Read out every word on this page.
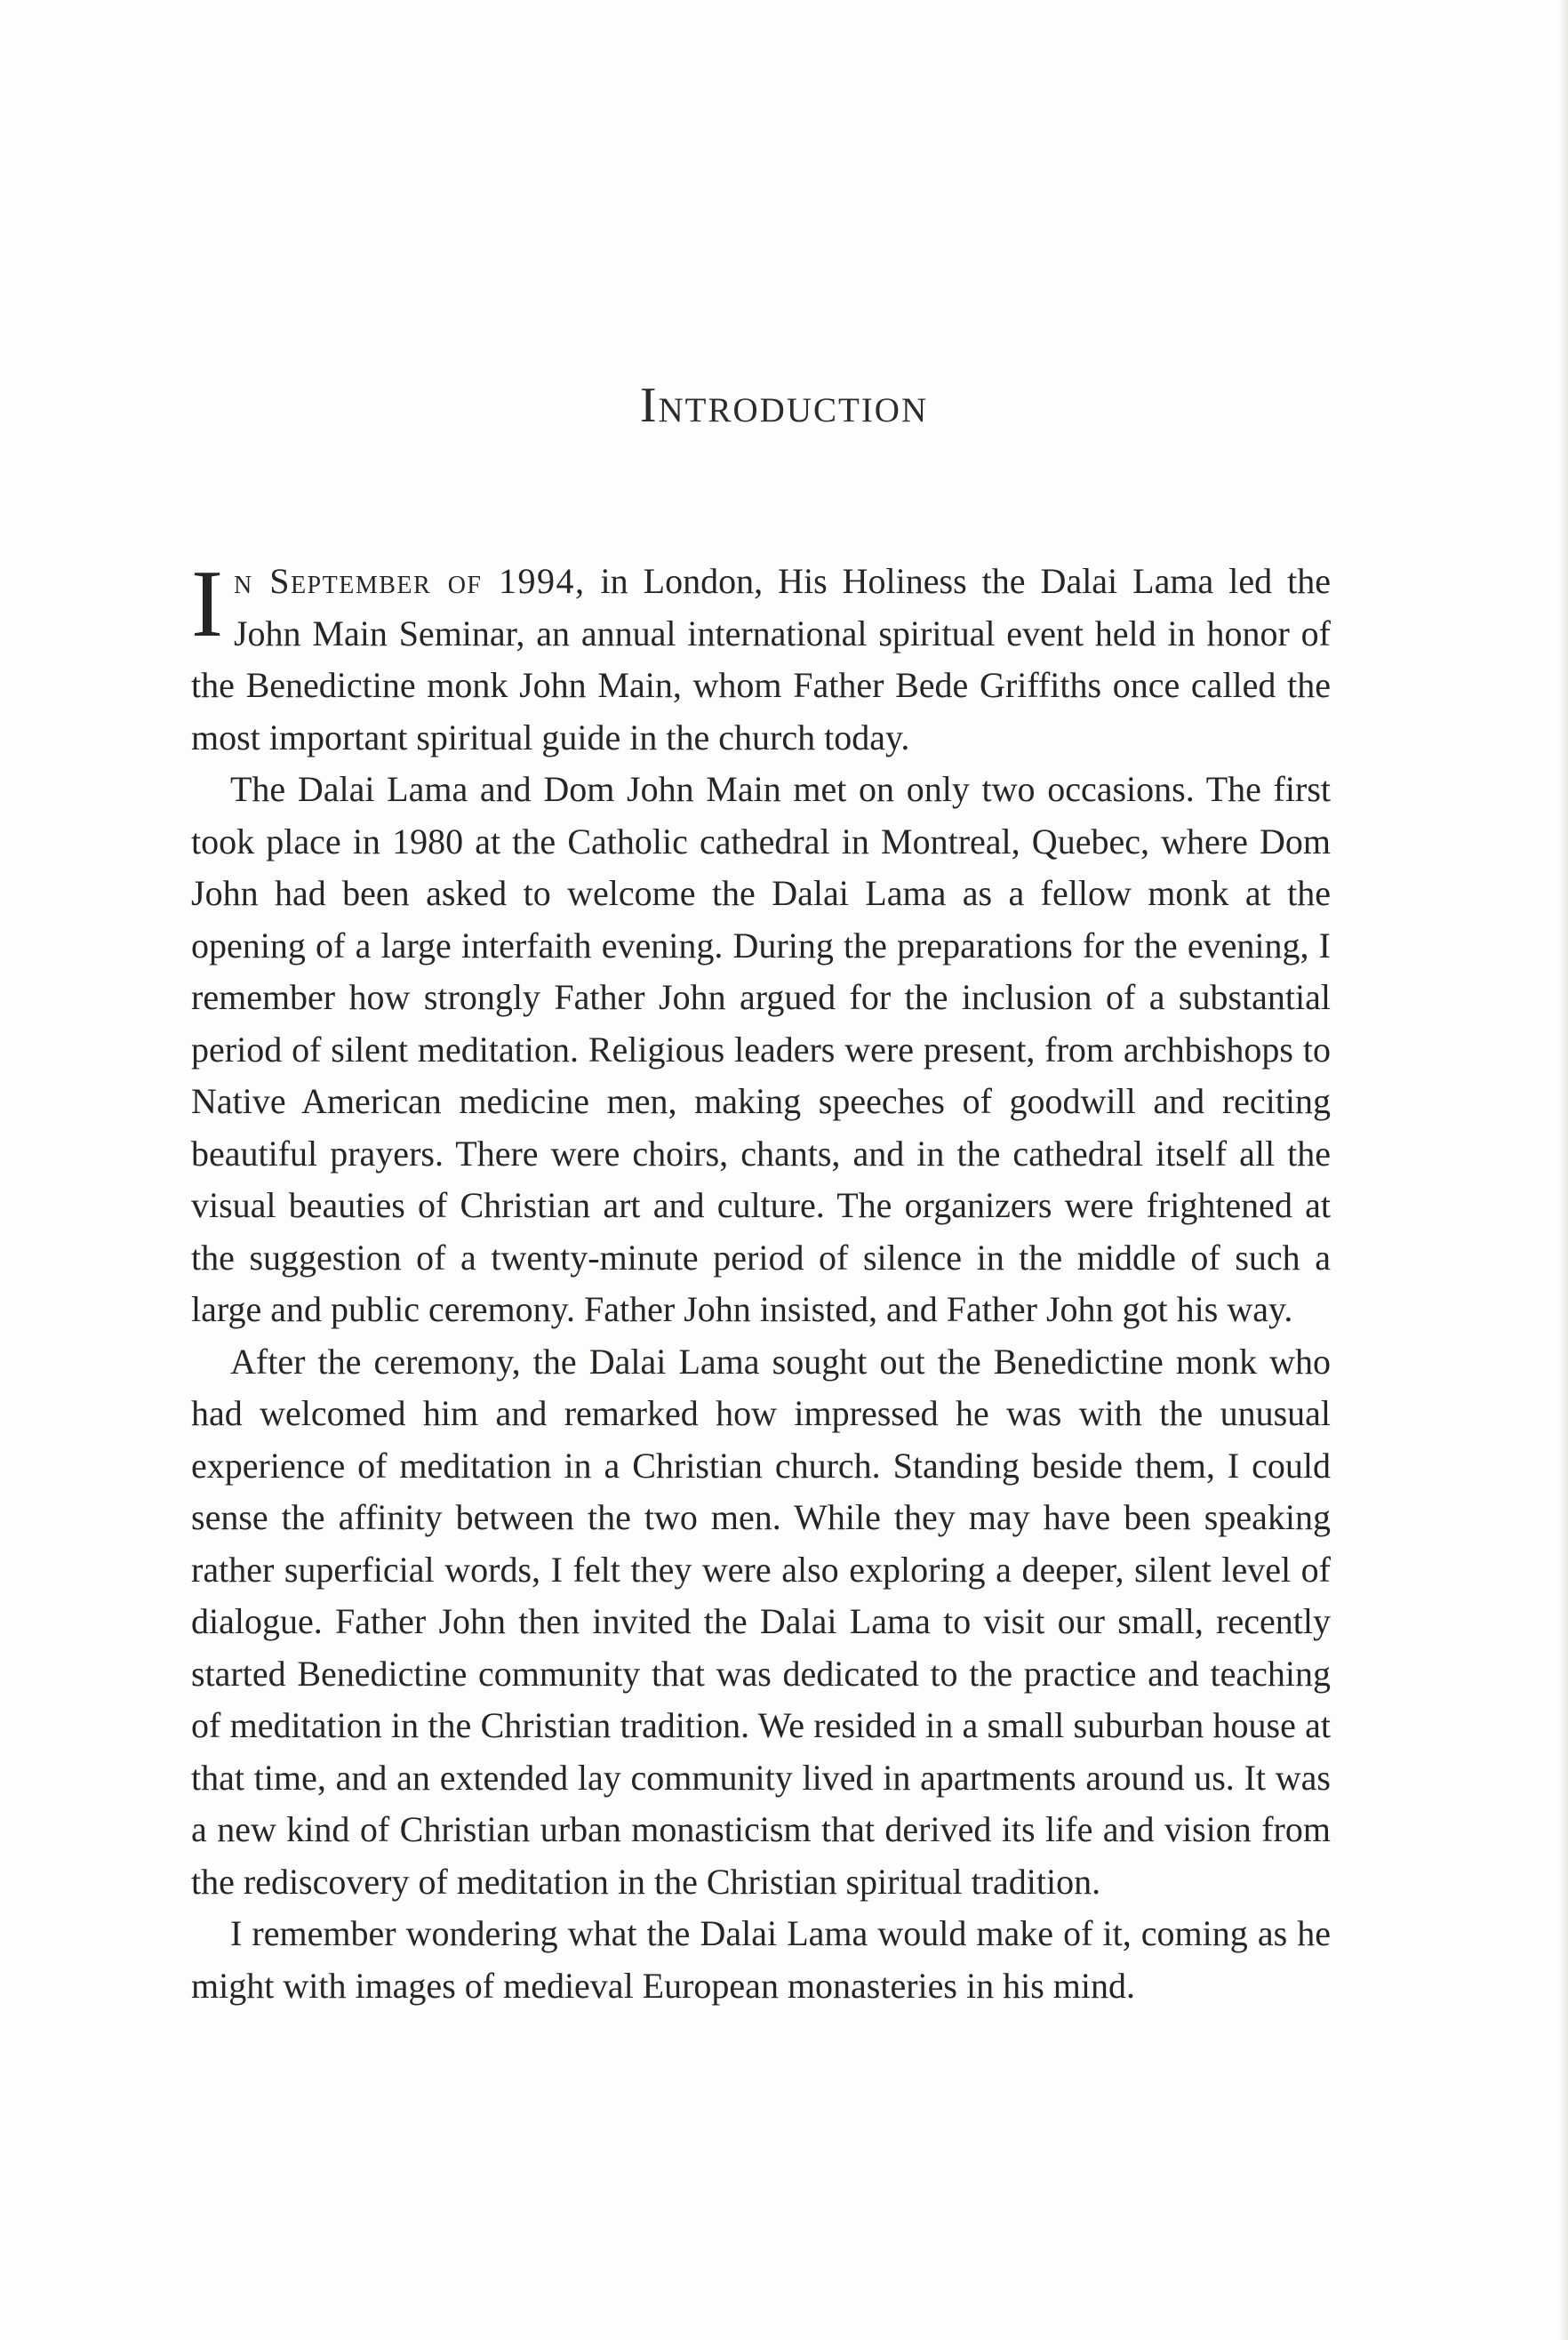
Introduction

In September of 1994, in London, His Holiness the Dalai Lama led the John Main Seminar, an annual international spiritual event held in honor of the Benedictine monk John Main, whom Father Bede Griffiths once called the most important spiritual guide in the church today.

The Dalai Lama and Dom John Main met on only two occasions. The first took place in 1980 at the Catholic cathedral in Montreal, Quebec, where Dom John had been asked to welcome the Dalai Lama as a fellow monk at the opening of a large interfaith evening. During the preparations for the evening, I remember how strongly Father John argued for the inclusion of a substantial period of silent meditation. Religious leaders were present, from archbishops to Native American medicine men, making speeches of goodwill and reciting beautiful prayers. There were choirs, chants, and in the cathedral itself all the visual beauties of Christian art and culture. The organizers were frightened at the suggestion of a twenty-minute period of silence in the middle of such a large and public ceremony. Father John insisted, and Father John got his way.

After the ceremony, the Dalai Lama sought out the Benedictine monk who had welcomed him and remarked how impressed he was with the unusual experience of meditation in a Christian church. Standing beside them, I could sense the affinity between the two men. While they may have been speaking rather superficial words, I felt they were also exploring a deeper, silent level of dialogue. Father John then invited the Dalai Lama to visit our small, recently started Benedictine community that was dedicated to the practice and teaching of meditation in the Christian tradition. We resided in a small suburban house at that time, and an extended lay community lived in apartments around us. It was a new kind of Christian urban monasticism that derived its life and vision from the rediscovery of meditation in the Christian spiritual tradition.

I remember wondering what the Dalai Lama would make of it, coming as he might with images of medieval European monasteries in his mind.
